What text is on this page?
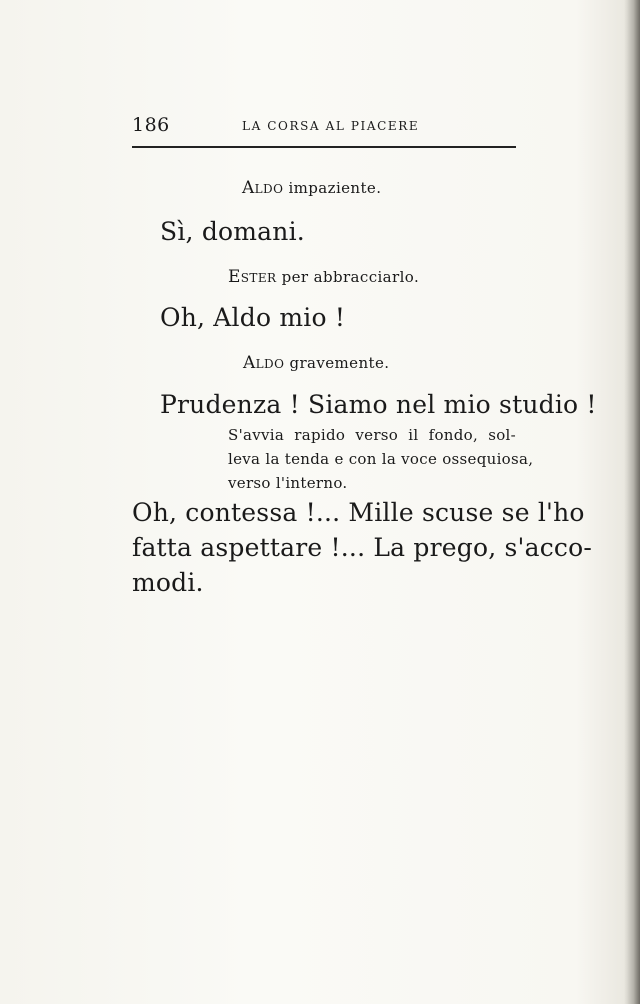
186	LA CORSA AL PIACERE
Aldo impaziente.
Sì, domani.
Ester per abbracciarlo.
Oh, Aldo mio !
Aldo gravemente.
Prudenza ! Siamo nel mio studio !
S'avvia rapido verso il fondo, sol-
leva la tenda e con la voce ossequiosa,
verso l'interno.
Oh, contessa !... Mille scuse se l'ho
fatta aspettare !... La prego, s'acco-
modi.
